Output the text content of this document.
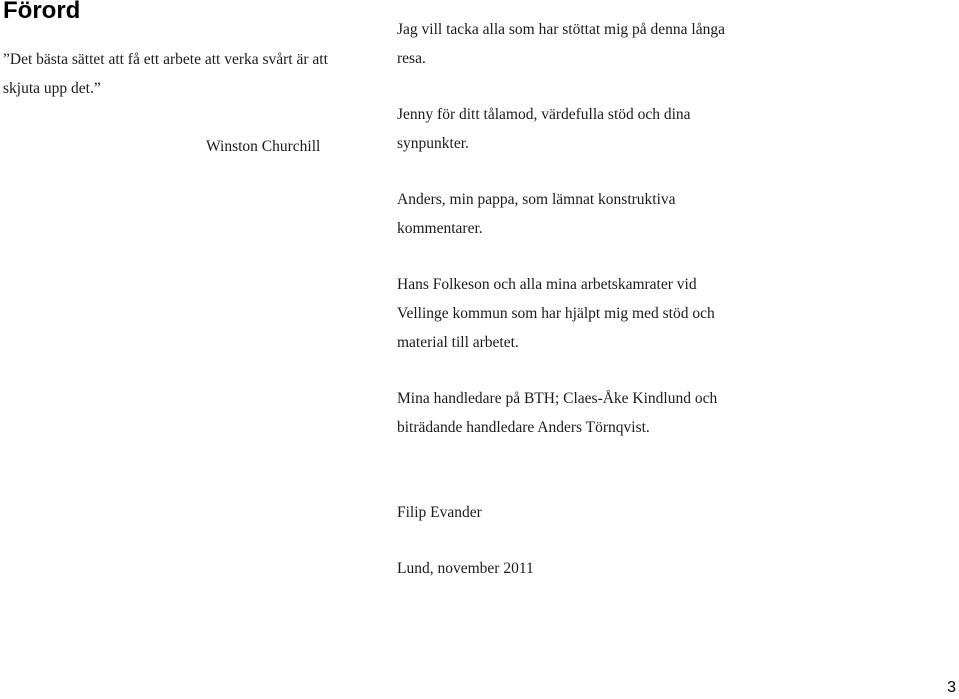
Förord

”Det bästa sättet att få ett arbete att verka svårt är att skjuta upp det.”

Winston Churchill

Jag vill tacka alla som har stöttat mig på denna långa resa.

Jenny för ditt tålamod, värdefulla stöd och dina synpunkter.

Anders, min pappa, som lämnat konstruktiva kommentarer.

Hans Folkeson och alla mina arbetskamrater vid Vellinge kommun som har hjälpt mig med stöd och material till arbetet.

Mina handledare på BTH; Claes-Åke Kindlund och biträdande handledare Anders Törnqvist.

Filip Evander

Lund, november 2011

3
